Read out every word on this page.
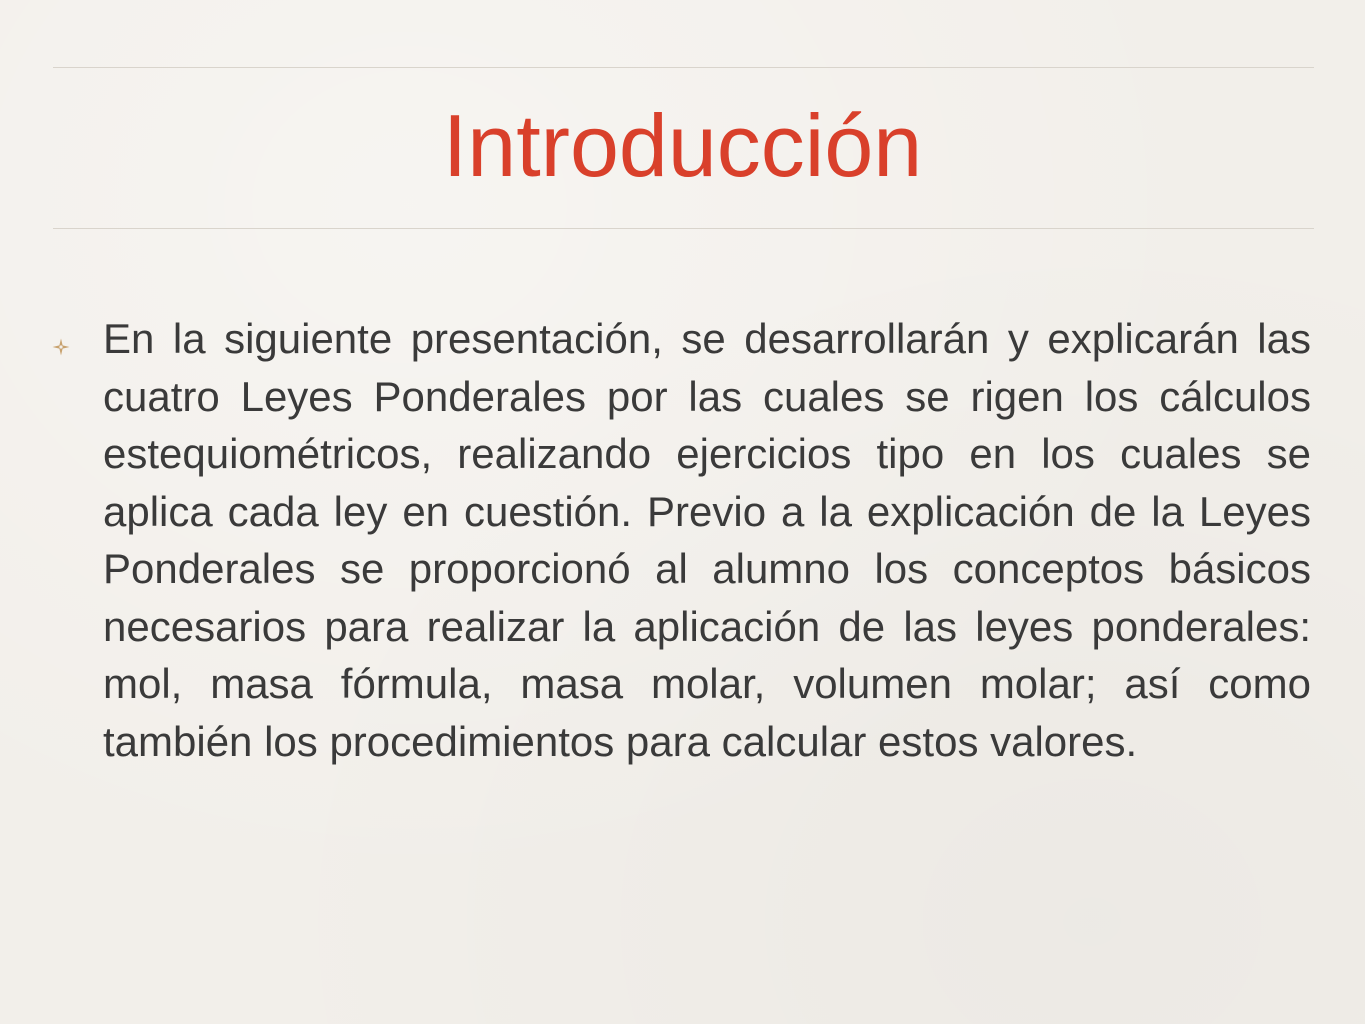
Introducción

En la siguiente presentación, se desarrollarán y explicarán las cuatro Leyes Ponderales por las cuales se rigen los cálculos estequiométricos, realizando ejercicios tipo en los cuales se aplica cada ley en cuestión. Previo a la explicación de la Leyes Ponderales se proporcionó al alumno los conceptos básicos necesarios para realizar la aplicación de las leyes ponderales: mol, masa fórmula, masa molar, volumen molar; así como también los procedimientos para calcular estos valores.
